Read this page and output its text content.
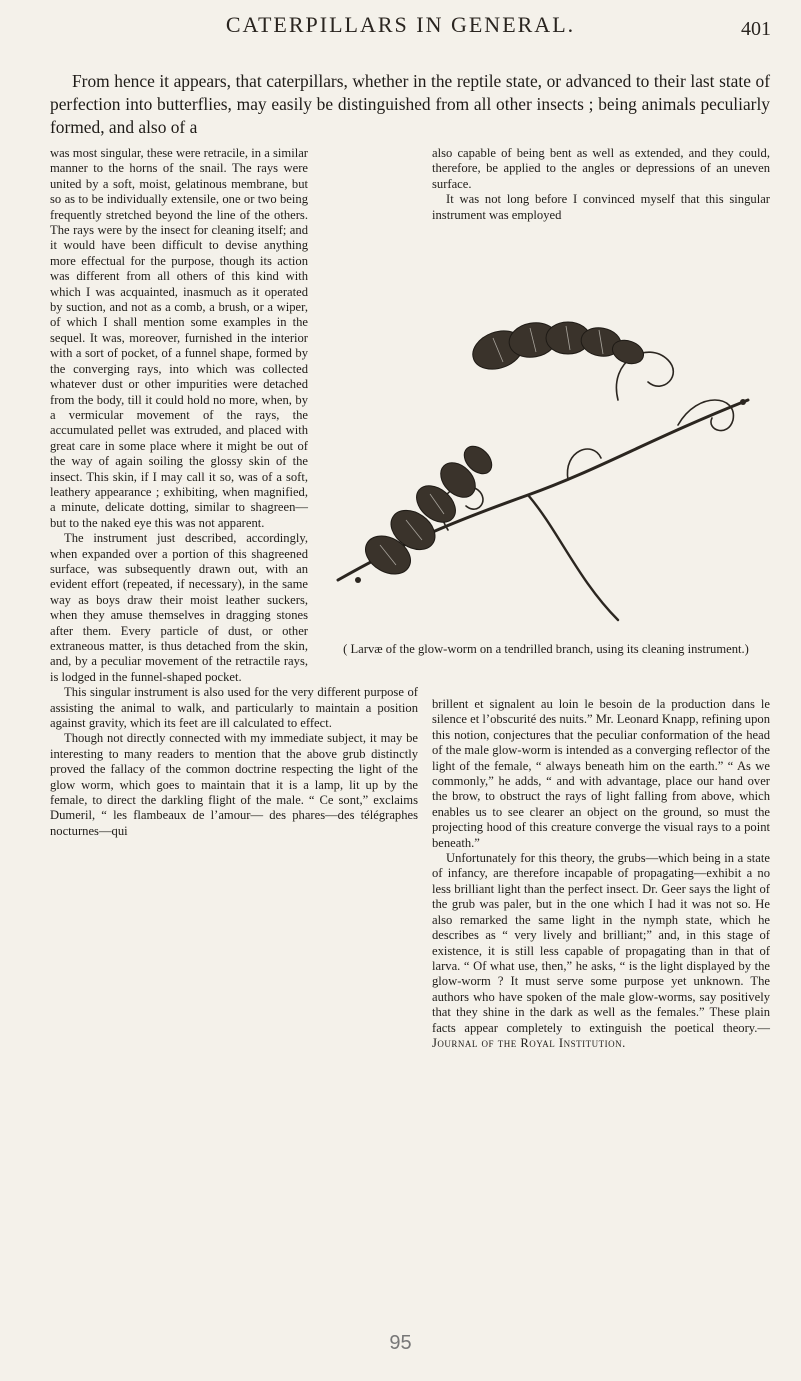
CATERPILLARS IN GENERAL.	401

From hence it appears, that caterpillars, whether in the reptile state, or advanced to their last state of perfection into butterflies, may easily be distinguished from all other insects ; being animals peculiarly formed, and also of a

was most singular, these were retracile, in a similar manner to the horns of the snail. The rays were united by a soft, moist, gelatinous membrane, but so as to be individually extensile, one or two being frequently stretched beyond the line of the others. The rays were by the insect for cleaning itself; and it would have been difficult to devise anything more effectual for the purpose, though its action was different from all others of this kind with which I was acquainted, inasmuch as it operated by suction, and not as a comb, a brush, or a wiper, of which I shall mention some examples in the sequel. It was, moreover, furnished in the interior with a sort of pocket, of a funnel shape, formed by the converging rays, into which was collected whatever dust or other impurities were detached from the body, till it could hold no more, when, by a vermicular movement of the rays, the accumulated pellet was extruded, and placed with great care in some place where it might be out of the way of again soiling the glossy skin of the insect. This skin, if I may call it so, was of a soft, leathery appearance ; exhibiting, when magnified, a minute, delicate dotting, similar to shagreen—but to the naked eye this was not apparent.

The instrument just described, accordingly, when expanded over a portion of this shagreened surface, was subsequently drawn out, with an evident effort (repeated, if necessary), in the same way as boys draw their moist leather suckers, when they amuse themselves in dragging stones after them. Every particle of dust, or other extraneous matter, is thus detached from the skin, and, by a peculiar movement of the retractile rays, is lodged in the funnel-shaped pocket.

This singular instrument is also used for the very different purpose of assisting the animal to walk, and particularly to maintain a position against gravity, which its feet are ill calculated to effect.

Though not directly connected with my immediate subject, it may be interesting to many readers to mention that the above grub distinctly proved the fallacy of the common doctrine respecting the light of the glow worm, which goes to maintain that it is a lamp, lit up by the female, to direct the darkling flight of the male. “ Ce sont,” exclaims Dumeril, “ les flambeaux de l’amour— des phares—des télégraphes nocturnes—qui

also capable of being bent as well as extended, and they could, therefore, be applied to the angles or depressions of an uneven surface.

It was not long before I convinced myself that this singular instrument was employed

( Larvæ of the glow-worm on a tendrilled branch, using its cleaning instrument.)

brillent et signalent au loin le besoin de la production dans le silence et l’obscurité des nuits.” Mr. Leonard Knapp, refining upon this notion, conjectures that the peculiar conformation of the head of the male glow-worm is intended as a converging reflector of the light of the female, “ always beneath him on the earth.” “ As we commonly,” he adds, “ and with advantage, place our hand over the brow, to obstruct the rays of light falling from above, which enables us to see clearer an object on the ground, so must the projecting hood of this creature converge the visual rays to a point beneath.”

Unfortunately for this theory, the grubs—which being in a state of infancy, are therefore incapable of propagating—exhibit a no less brilliant light than the perfect insect. Dr. Geer says the light of the grub was paler, but in the one which I had it was not so. He also remarked the same light in the nymph state, which he describes as “ very lively and brilliant;” and, in this stage of existence, it is still less capable of propagating than in that of larva. “ Of what use, then,” he asks, “ is the light displayed by the glow-worm ? It must serve some purpose yet unknown. The authors who have spoken of the male glow-worms, say positively that they shine in the dark as well as the females.” These plain facts appear completely to extinguish the poetical theory.—Journal of the Royal Institution.

95
